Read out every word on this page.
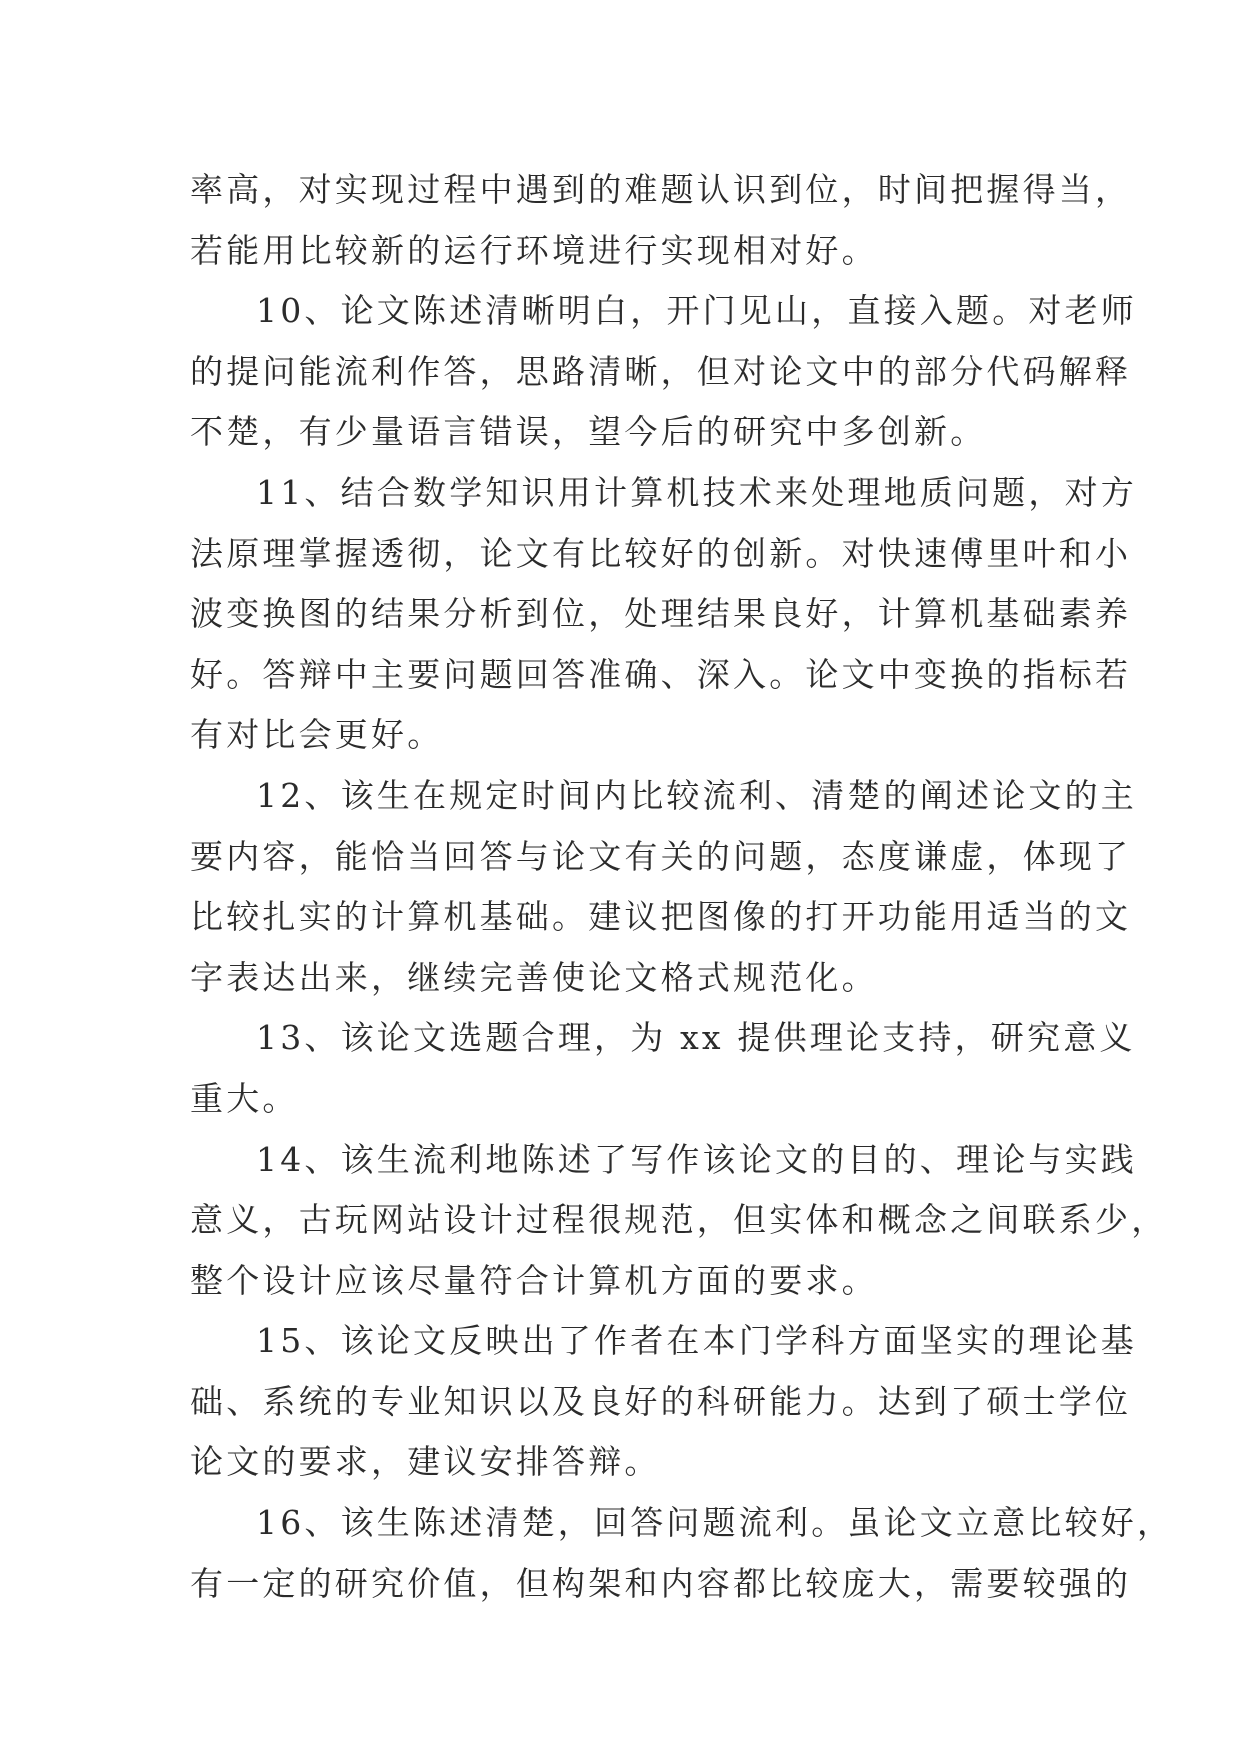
率高，对实现过程中遇到的难题认识到位，时间把握得当，
若能用比较新的运行环境进行实现相对好。
10、论文陈述清晰明白，开门见山，直接入题。对老师
的提问能流利作答，思路清晰，但对论文中的部分代码解释
不楚，有少量语言错误，望今后的研究中多创新。
11、结合数学知识用计算机技术来处理地质问题，对方
法原理掌握透彻，论文有比较好的创新。对快速傅里叶和小
波变换图的结果分析到位，处理结果良好，计算机基础素养
好。答辩中主要问题回答准确、深入。论文中变换的指标若
有对比会更好。
12、该生在规定时间内比较流利、清楚的阐述论文的主
要内容，能恰当回答与论文有关的问题，态度谦虚，体现了
比较扎实的计算机基础。建议把图像的打开功能用适当的文
字表达出来，继续完善使论文格式规范化。
13、该论文选题合理，为 xx 提供理论支持，研究意义
重大。
14、该生流利地陈述了写作该论文的目的、理论与实践
意义，古玩网站设计过程很规范，但实体和概念之间联系少，
整个设计应该尽量符合计算机方面的要求。
15、该论文反映出了作者在本门学科方面坚实的理论基
础、系统的专业知识以及良好的科研能力。达到了硕士学位
论文的要求，建议安排答辩。
16、该生陈述清楚，回答问题流利。虽论文立意比较好，
有一定的研究价值，但构架和内容都比较庞大，需要较强的
